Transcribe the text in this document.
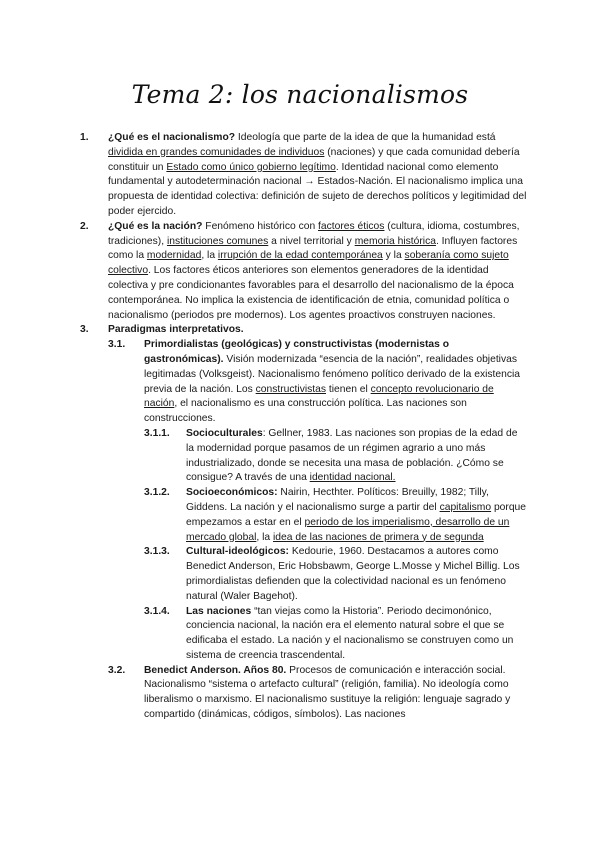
Tema 2: los nacionalismos
1. ¿Qué es el nacionalismo? Ideología que parte de la idea de que la humanidad está dividida en grandes comunidades de individuos (naciones) y que cada comunidad debería constituir un Estado como único gobierno legítimo. Identidad nacional como elemento fundamental y autodeterminación nacional → Estados-Nación. El nacionalismo implica una propuesta de identidad colectiva: definición de sujeto de derechos políticos y legitimidad del poder ejercido.
2. ¿Qué es la nación? Fenómeno histórico con factores éticos (cultura, idioma, costumbres, tradiciones), instituciones comunes a nivel territorial y memoria histórica. Influyen factores como la modernidad, la irrupción de la edad contemporánea y la soberanía como sujeto colectivo. Los factores éticos anteriores son elementos generadores de la identidad colectiva y pre condicionantes favorables para el desarrollo del nacionalismo de la época contemporánea. No implica la existencia de identificación de etnia, comunidad política o nacionalismo (periodos pre modernos). Los agentes proactivos construyen naciones.
3. Paradigmas interpretativos.
3.1. Primordialistas (geológicas) y constructivistas (modernistas o gastronómicas). Visión modernizada “esencia de la nación”, realidades objetivas legitimadas (Volksgeist). Nacionalismo fenómeno político derivado de la existencia previa de la nación. Los constructivistas tienen el concepto revolucionario de nación, el nacionalismo es una construcción política. Las naciones son construcciones.
3.1.1. Socioculturales: Gellner, 1983. Las naciones son propias de la edad de la modernidad porque pasamos de un régimen agrario a uno más industrializado, donde se necesita una masa de población. ¿Cómo se consigue? A través de una identidad nacional.
3.1.2. Socioeconómicos: Nairin, Hecthter. Políticos: Breuilly, 1982; Tilly, Giddens. La nación y el nacionalismo surge a partir del capitalismo porque empezamos a estar en el periodo de los imperialismo, desarrollo de un mercado global, la idea de las naciones de primera y de segunda
3.1.3. Cultural-ideológicos: Kedourie, 1960. Destacamos a autores como Benedict Anderson, Eric Hobsbawm, George L.Mosse y Michel Billig. Los primordialistas defienden que la colectividad nacional es un fenómeno natural (Waler Bagehot).
3.1.4. Las naciones “tan viejas como la Historia”. Periodo decimonónico, conciencia nacional, la nación era el elemento natural sobre el que se edificaba el estado. La nación y el nacionalismo se construyen como un sistema de creencia trascendental.
3.2. Benedict Anderson. Años 80. Procesos de comunicación e interacción social. Nacionalismo “sistema o artefacto cultural” (religión, familia). No ideología como liberalismo o marxismo. El nacionalismo sustituye la religión: lenguaje sagrado y compartido (dinámicas, códigos, símbolos). Las naciones
